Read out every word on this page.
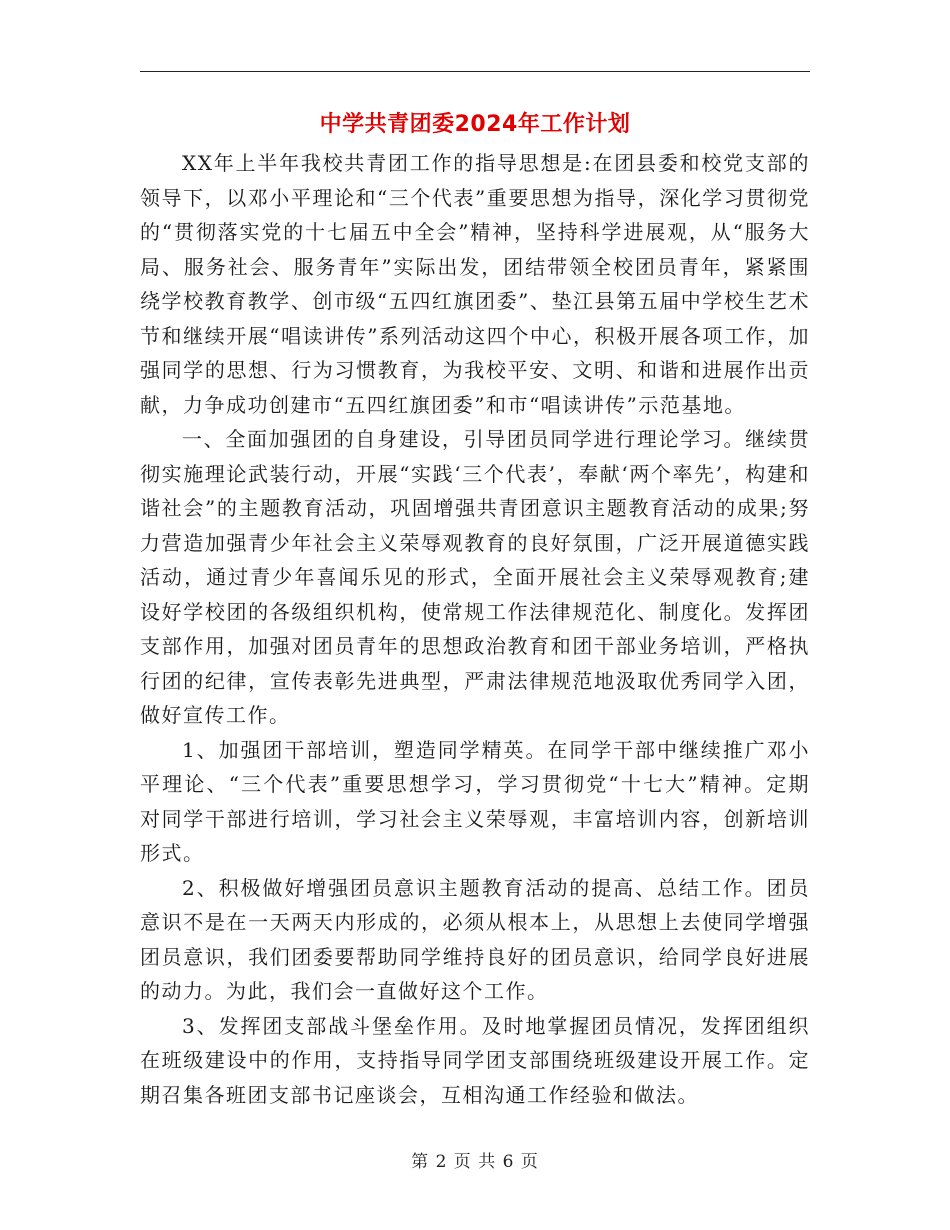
中学共青团委2024年工作计划

XX年上半年我校共青团工作的指导思想是:在团县委和校党支部的领导下，以邓小平理论和“三个代表”重要思想为指导，深化学习贯彻党的“贯彻落实党的十七届五中全会”精神，坚持科学进展观，从“服务大局、服务社会、服务青年”实际出发，团结带领全校团员青年，紧紧围绕学校教育教学、创市级“五四红旗团委”、垫江县第五届中学校生艺术节和继续开展“唱读讲传”系列活动这四个中心，积极开展各项工作，加强同学的思想、行为习惯教育，为我校平安、文明、和谐和进展作出贡献，力争成功创建市“五四红旗团委”和市“唱读讲传”示范基地。

一、全面加强团的自身建设，引导团员同学进行理论学习。继续贯彻实施理论武装行动，开展“实践‘三个代表’，奉献‘两个率先’，构建和谐社会”的主题教育活动，巩固增强共青团意识主题教育活动的成果;努力营造加强青少年社会主义荣辱观教育的良好氛围，广泛开展道德实践活动，通过青少年喜闻乐见的形式，全面开展社会主义荣辱观教育;建设好学校团的各级组织机构，使常规工作法律规范化、制度化。发挥团支部作用，加强对团员青年的思想政治教育和团干部业务培训，严格执行团的纪律，宣传表彰先进典型，严肃法律规范地汲取优秀同学入团，做好宣传工作。

1、加强团干部培训，塑造同学精英。在同学干部中继续推广邓小平理论、“三个代表”重要思想学习，学习贯彻党“十七大”精神。定期对同学干部进行培训，学习社会主义荣辱观，丰富培训内容，创新培训形式。

2、积极做好增强团员意识主题教育活动的提高、总结工作。团员意识不是在一天两天内形成的，必须从根本上，从思想上去使同学增强团员意识，我们团委要帮助同学维持良好的团员意识，给同学良好进展的动力。为此，我们会一直做好这个工作。

3、发挥团支部战斗堡垒作用。及时地掌握团员情况，发挥团组织在班级建设中的作用，支持指导同学团支部围绕班级建设开展工作。定期召集各班团支部书记座谈会，互相沟通工作经验和做法。

第 2 页 共 6 页
